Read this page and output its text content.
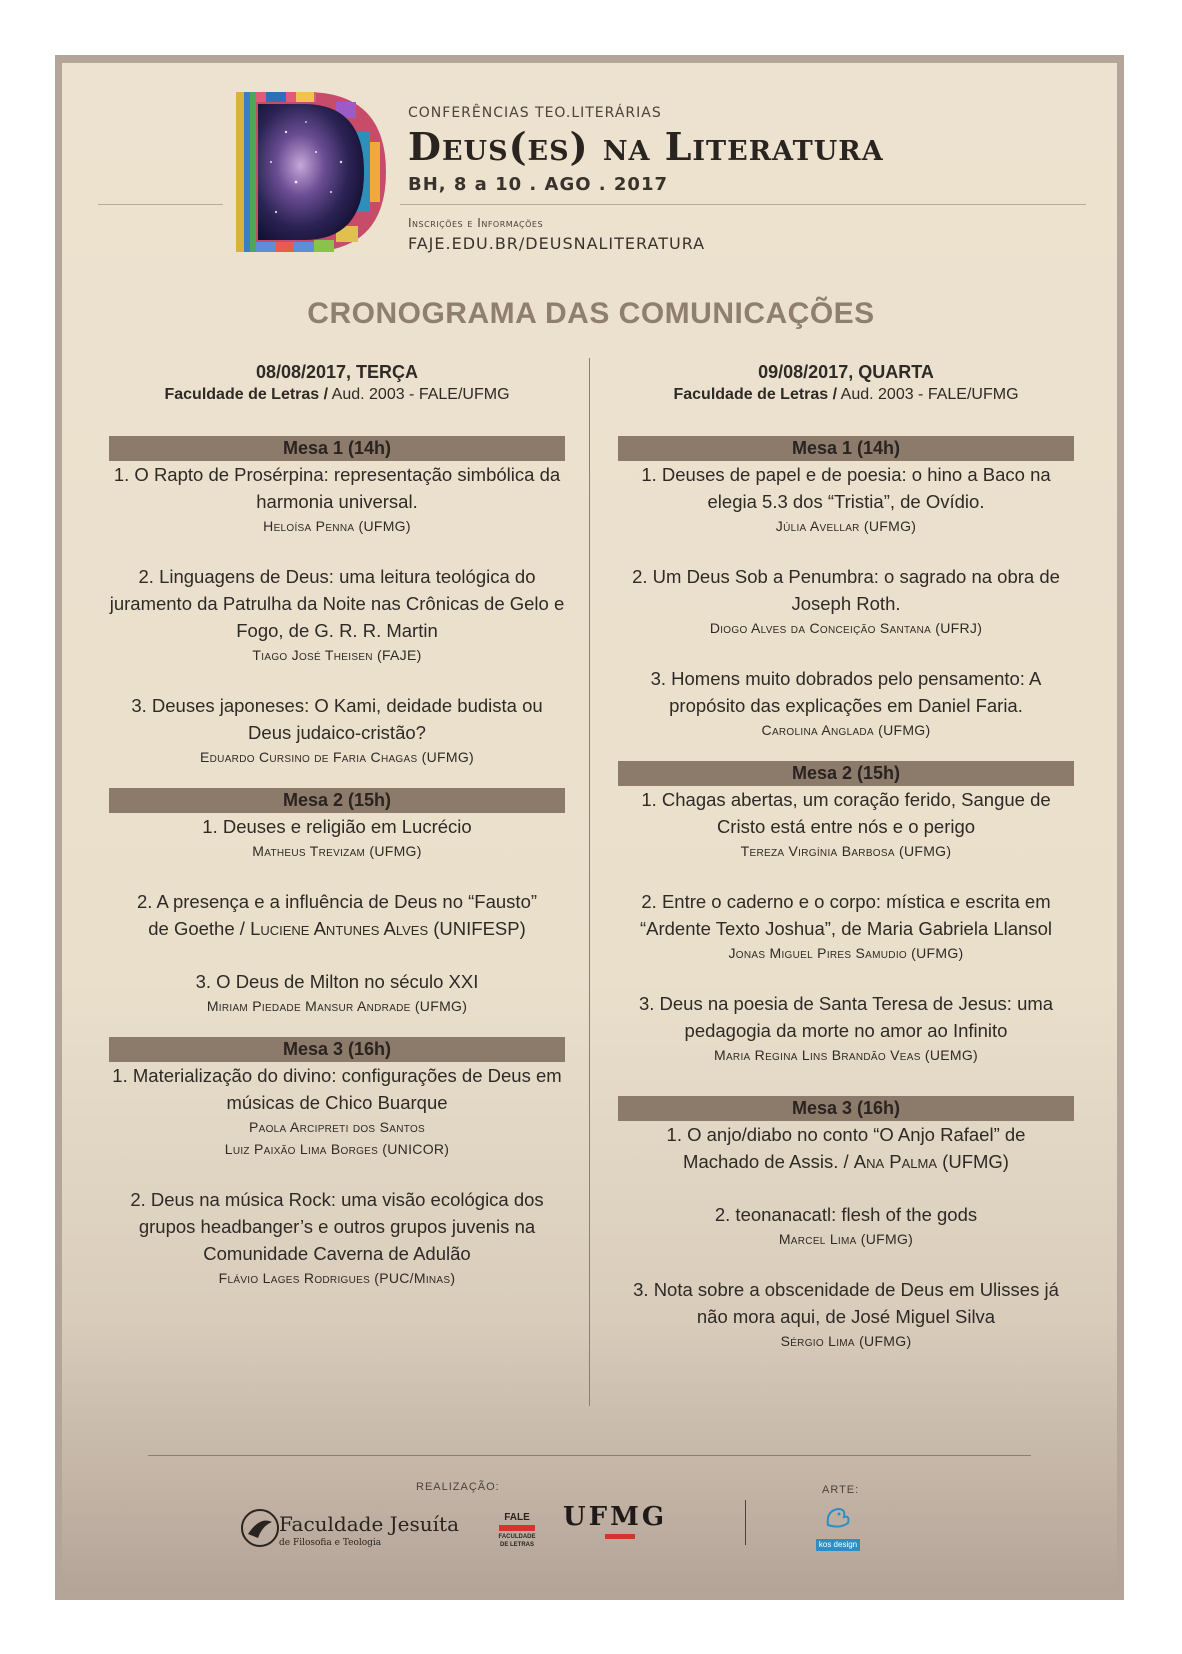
CONFERÊNCIAS TEO.LITERÁRIAS
Deus(es) na Literatura
BH, 8 a 10 . AGO . 2017
Inscrições e Informações
FAJE.EDU.BR/DEUSNALITERATURA
CRONOGRAMA DAS COMUNICAÇÕES
08/08/2017, TERÇA
Faculdade de Letras / Aud. 2003 - FALE/UFMG
Mesa 1 (14h)
1. O Rapto de Prosérpina: representação simbólica da harmonia universal.
Heloísa Penna (UFMG)
2. Linguagens de Deus: uma leitura teológica do juramento da Patrulha da Noite nas Crônicas de Gelo e Fogo, de G. R. R. Martin
Tiago José Theisen (FAJE)
3. Deuses japoneses: O Kami, deidade budista ou Deus judaico-cristão?
Eduardo Cursino de Faria Chagas (UFMG)
Mesa 2 (15h)
1. Deuses e religião em Lucrécio
Matheus Trevizam (UFMG)
2. A presença e a influência de Deus no “Fausto”
de Goethe / Luciene Antunes Alves (UNIFESP)
3. O Deus de Milton no século XXI
Miriam Piedade Mansur Andrade (UFMG)
Mesa 3 (16h)
1. Materialização do divino: configurações de Deus em músicas de Chico Buarque
Paola Arcipreti dos Santos
Luiz Paixão Lima Borges (UNICOR)
2. Deus na música Rock: uma visão ecológica dos grupos headbanger’s e outros grupos juvenis na Comunidade Caverna de Adulão
Flávio Lages Rodrigues (PUC/Minas)
09/08/2017, QUARTA
Faculdade de Letras / Aud. 2003 - FALE/UFMG
Mesa 1 (14h)
1. Deuses de papel e de poesia: o hino a Baco na elegia 5.3 dos “Tristia”, de Ovídio.
Júlia Avellar (UFMG)
2. Um Deus Sob a Penumbra: o sagrado na obra de Joseph Roth.
Diogo Alves da Conceição Santana (UFRJ)
3. Homens muito dobrados pelo pensamento: A propósito das explicações em Daniel Faria.
Carolina Anglada (UFMG)
Mesa 2 (15h)
1. Chagas abertas, um coração ferido, Sangue de Cristo está entre nós e o perigo
Tereza Virgínia Barbosa (UFMG)
2. Entre o caderno e o corpo: mística e escrita em “Ardente Texto Joshua”, de Maria Gabriela Llansol
Jonas Miguel Pires Samudio (UFMG)
3. Deus na poesia de Santa Teresa de Jesus: uma pedagogia da morte no amor ao Infinito
Maria Regina Lins Brandão Veas (UEMG)
Mesa 3 (16h)
1. O anjo/diabo no conto “O Anjo Rafael” de
Machado de Assis. / Ana Palma (UFMG)
2. teonanacatl: flesh of the gods
Marcel Lima (UFMG)
3. Nota sobre a obscenidade de Deus em Ulisses já não mora aqui, de José Miguel Silva
Sérgio Lima (UFMG)
REALIZAÇÃO:	ARTE:
Faculdade Jesuíta
de Filosofia e Teologia
FALE
FACULDADE
DE LETRAS
UFMG
kos design
